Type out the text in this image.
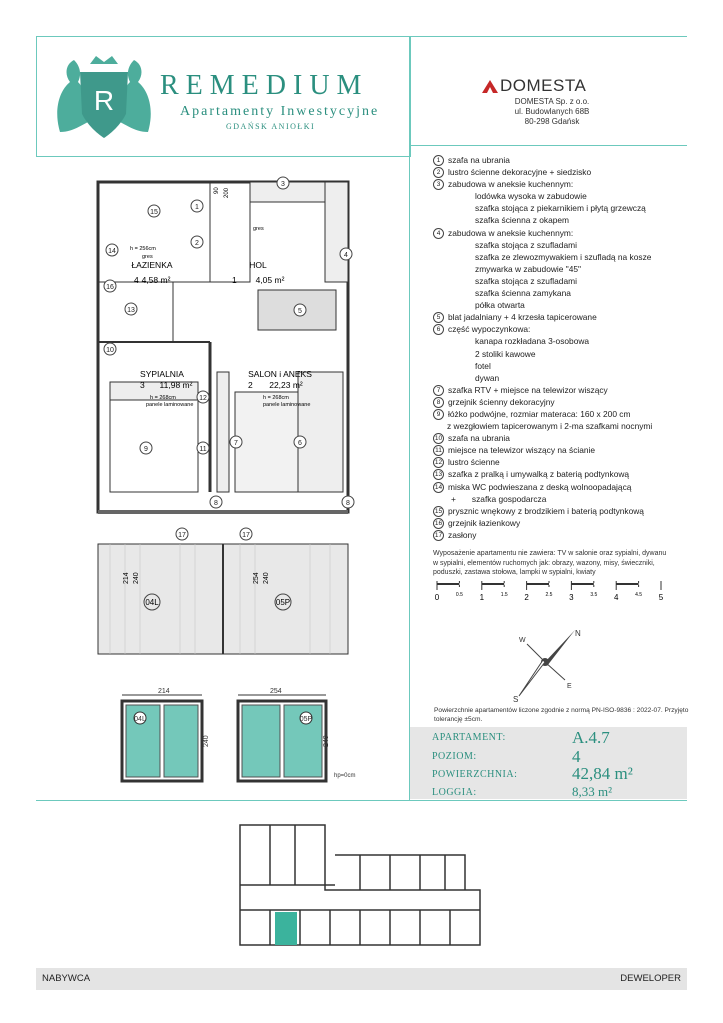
R REMEDIUM
Apartamenty Inwestycyjne
GDAŃSK ANIOŁKI
DOMESTA
DOMESTA Sp. z o.o.
ul. Budowlanych 68B
80-298 Gdańsk
1 szafa na ubrania
2 lustro ścienne dekoracyjne + siedzisko
3 zabudowa w aneksie kuchennym:
lodówka wysoka w zabudowie
szafka stojąca z piekarnikiem i płytą grzewczą
szafka ścienna z okapem
4 zabudowa w aneksie kuchennym:
szafka stojąca z szufladami
szafka ze zlewozmywakiem i szufladą na kosze
zmywarka w zabudowie "45"
szafka stojąca z szufladami
szafka ścienna zamykana
półka otwarta
5 blat jadalniany + 4 krzesła tapicerowane
6 część wypoczynkowa:
kanapa rozkładana 3-osobowa
2 stoliki kawowe
fotel
dywan
7 szafka RTV + miejsce na telewizor wiszący
8 grzejnik ścienny dekoracyjny
9 łóżko podwójne, rozmiar materaca: 160 x 200 cm
z wezgłowiem tapicerowanym i 2-ma szafkami nocnymi
10 szafa na ubrania
11 miejsce na telewizor wiszący na ścianie
12 lustro ścienne
13 szafka z pralką i umywalką z baterią podtynkową
14 miska WC podwieszana z deską wolnoopadającą
+ szafka gospodarcza
15 prysznic wnękowy z brodzikiem i baterią podtynkową
16 grzejnik łazienkowy
17 zasłony
Wyposażenie apartamentu nie zawiera: TV w salonie oraz sypialni, dywanu w sypialni, elementów ruchomych jak: obrazy, wazony, misy, świeczniki, poduszki, zastawa stołowa, lampki w sypialni, kwiaty
0	0.5 1	1.5 2	2.5 3	3.5 4	4.5 5
N
S
E
W
Powierzchnie apartamentów liczone zgodnie z normą PN-ISO-9836 : 2022-07. Przyjęto tolerancję ±5cm.
APARTAMENT:	A.4.7
POZIOM:	4
POWIERZCHNIA:	42,84 m²
LOGGIA:	8,33 m²
ŁAZIENKA
4,58 m²
4
HOL
1 4,05 m²
SYPIALNIA
3 11,98 m²
SALON i ANEKS
2 22,23 m²
h = 256cm
gres
gres
h = 268cm
panele laminowane
h = 268cm
panele laminowane
90 200
1
2
3
4
5
6
7
8	8
9
10
11
12
13
14
15
16
17	17
04L	05P
214 240	254 240
214	254
240	240
hp=0cm
04L	05P
NABYWCA	DEWELOPER
